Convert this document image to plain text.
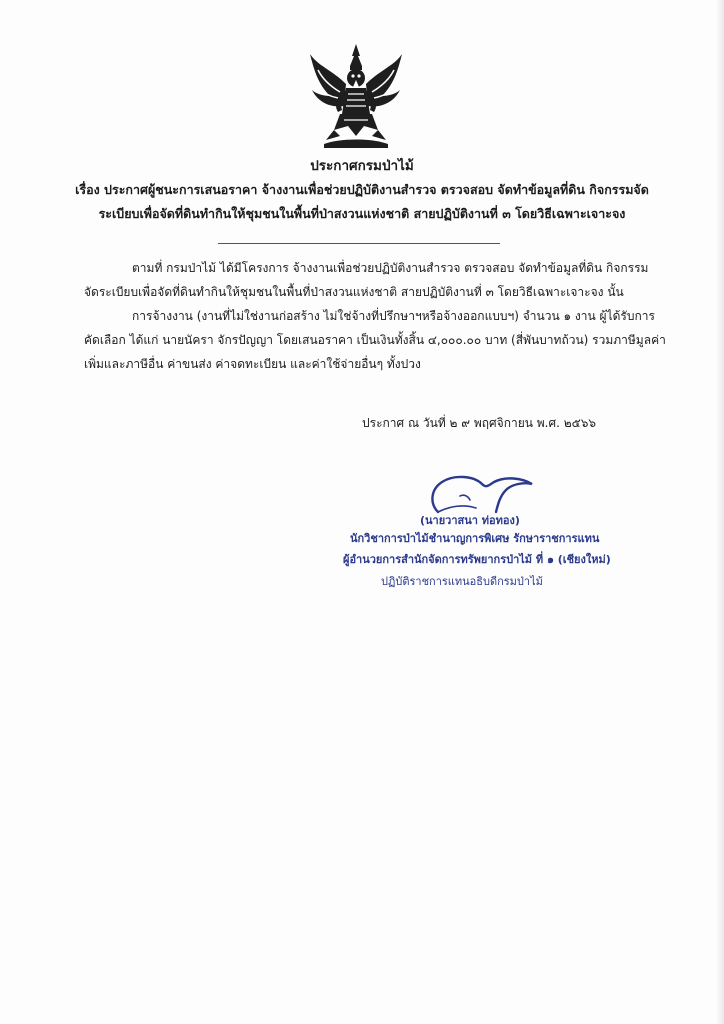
ประกาศกรมป่าไม้
เรื่อง ประกาศผู้ชนะการเสนอราคา จ้างงานเพื่อช่วยปฏิบัติงานสำรวจ ตรวจสอบ จัดทำข้อมูลที่ดิน กิจกรรมจัด
ระเบียบเพื่อจัดที่ดินทำกินให้ชุมชนในพื้นที่ป่าสงวนแห่งชาติ สายปฏิบัติงานที่ ๓ โดยวิธีเฉพาะเจาะจง
ตามที่ กรมป่าไม้ ได้มีโครงการ จ้างงานเพื่อช่วยปฏิบัติงานสำรวจ ตรวจสอบ จัดทำข้อมูลที่ดิน กิจกรรม
จัดระเบียบเพื่อจัดที่ดินทำกินให้ชุมชนในพื้นที่ป่าสงวนแห่งชาติ สายปฏิบัติงานที่ ๓ โดยวิธีเฉพาะเจาะจง นั้น
การจ้างงาน (งานที่ไม่ใช่งานก่อสร้าง ไม่ใช่จ้างที่ปรึกษาฯหรือจ้างออกแบบฯ) จำนวน ๑ งาน ผู้ได้รับการ
คัดเลือก ได้แก่ นายนัครา จักรปัญญา โดยเสนอราคา เป็นเงินทั้งสิ้น ๔,๐๐๐.๐๐ บาท (สี่พันบาทถ้วน) รวมภาษีมูลค่า
เพิ่มและภาษีอื่น ค่าขนส่ง ค่าจดทะเบียน และค่าใช้จ่ายอื่นๆ ทั้งปวง
ประกาศ ณ วันที่ ๒ ๙ พฤศจิกายน พ.ศ. ๒๕๖๖
(นายวาสนา ท่อทอง)
นักวิชาการป่าไม้ชำนาญการพิเศษ รักษาราชการแทน
ผู้อำนวยการสำนักจัดการทรัพยากรป่าไม้ ที่ ๑ (เชียงใหม่)
ปฏิบัติราชการแทนอธิบดีกรมป่าไม้
